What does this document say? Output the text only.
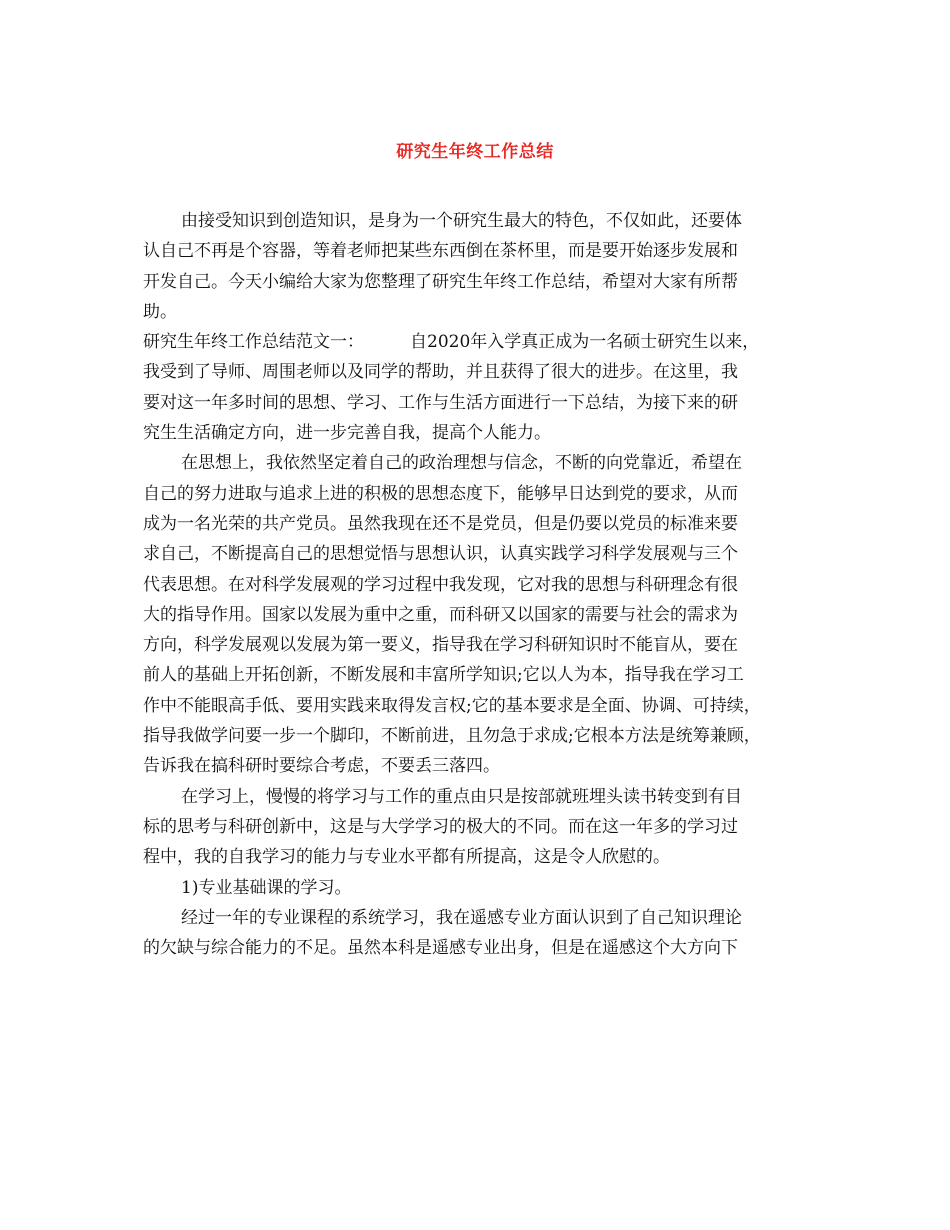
研究生年终工作总结
由接受知识到创造知识，是身为一个研究生最大的特色，不仅如此，还要体
认自己不再是个容器，等着老师把某些东西倒在茶杯里，而是要开始逐步发展和
开发自己。今天小编给大家为您整理了研究生年终工作总结，希望对大家有所帮
助。
研究生年终工作总结范文一：	自2020年入学真正成为一名硕士研究生以来，
我受到了导师、周围老师以及同学的帮助，并且获得了很大的进步。在这里，我
要对这一年多时间的思想、学习、工作与生活方面进行一下总结，为接下来的研
究生生活确定方向，进一步完善自我，提高个人能力。
在思想上，我依然坚定着自己的政治理想与信念，不断的向党靠近，希望在
自己的努力进取与追求上进的积极的思想态度下，能够早日达到党的要求，从而
成为一名光荣的共产党员。虽然我现在还不是党员，但是仍要以党员的标准来要
求自己，不断提高自己的思想觉悟与思想认识，认真实践学习科学发展观与三个
代表思想。在对科学发展观的学习过程中我发现，它对我的思想与科研理念有很
大的指导作用。国家以发展为重中之重，而科研又以国家的需要与社会的需求为
方向，科学发展观以发展为第一要义，指导我在学习科研知识时不能盲从，要在
前人的基础上开拓创新，不断发展和丰富所学知识;它以人为本，指导我在学习工
作中不能眼高手低、要用实践来取得发言权;它的基本要求是全面、协调、可持续，
指导我做学问要一步一个脚印，不断前进，且勿急于求成;它根本方法是统筹兼顾，
告诉我在搞科研时要综合考虑，不要丢三落四。
在学习上，慢慢的将学习与工作的重点由只是按部就班埋头读书转变到有目
标的思考与科研创新中，这是与大学学习的极大的不同。而在这一年多的学习过
程中，我的自我学习的能力与专业水平都有所提高，这是令人欣慰的。
1)专业基础课的学习。
经过一年的专业课程的系统学习，我在遥感专业方面认识到了自己知识理论
的欠缺与综合能力的不足。虽然本科是遥感专业出身，但是在遥感这个大方向下
